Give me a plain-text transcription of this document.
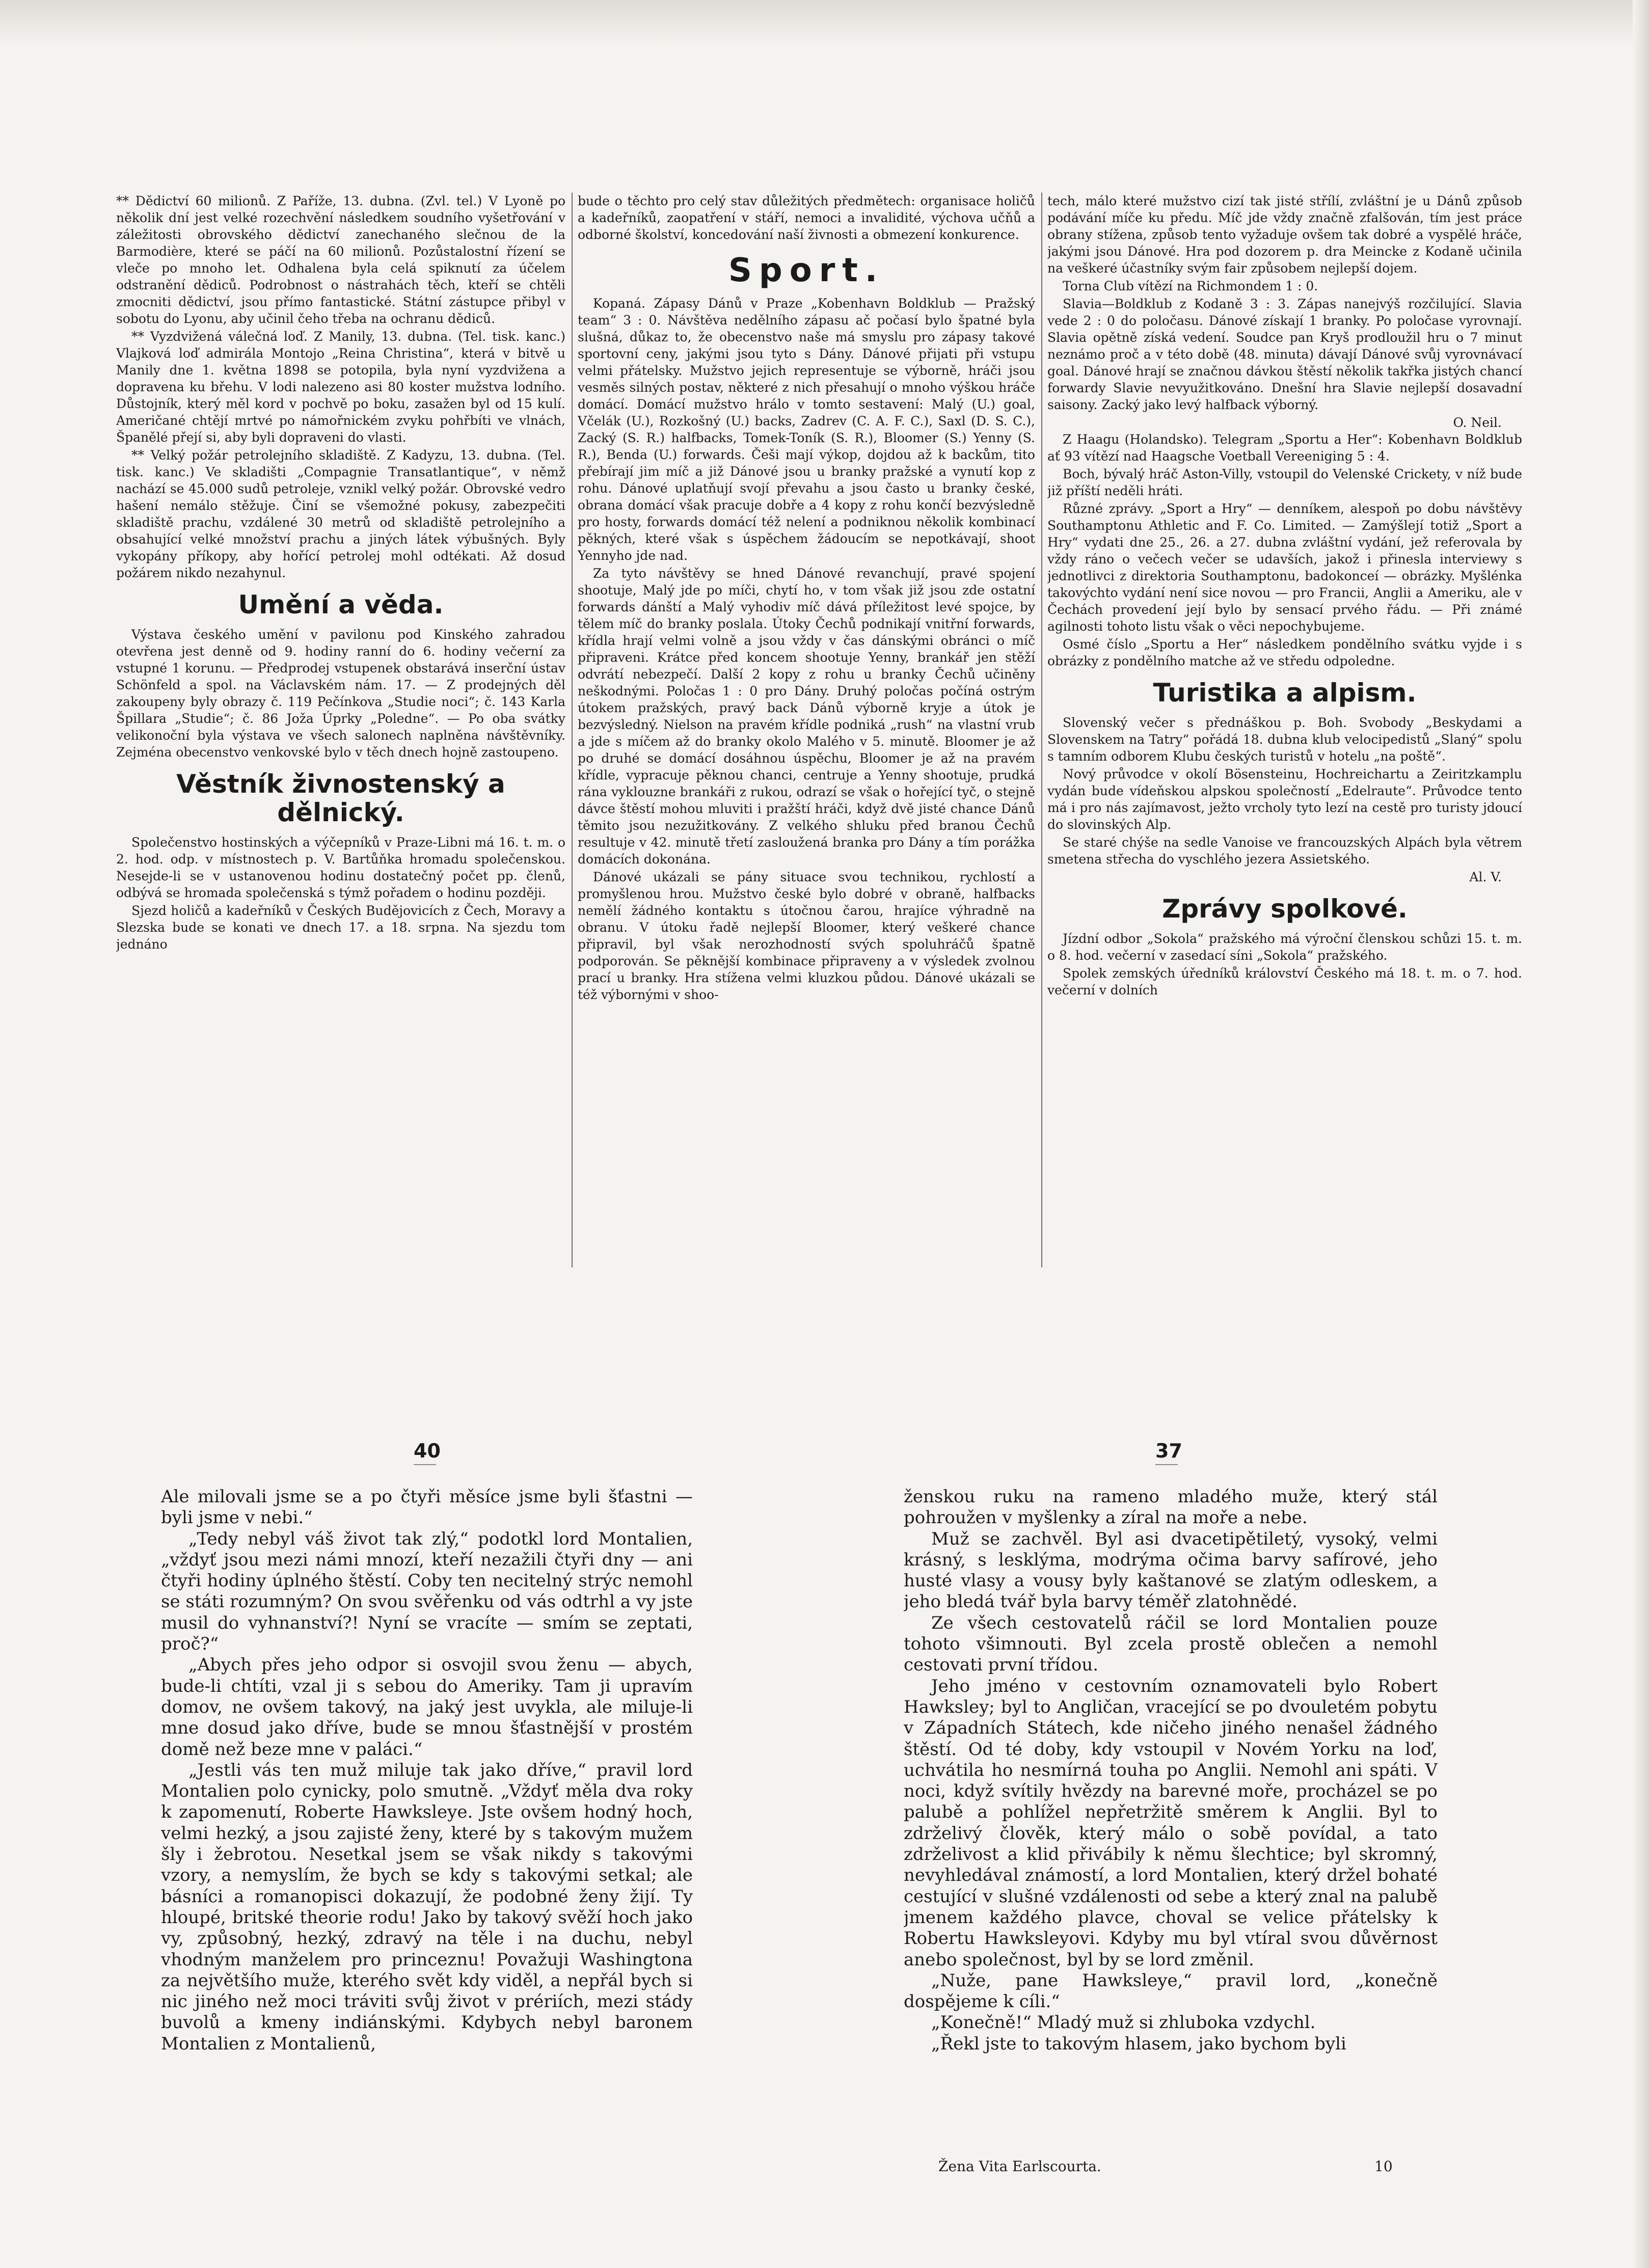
** Dědictví 60 milionů. Z Paříže, 13. dubna. (Zvl. tel.) V Lyoně po několik dní jest velké rozechvění následkem soudního vyšetřování v záležitosti obrovského dědictví zanechaného slečnou de la Barmodière, které se páčí na 60 milionů. Pozůstalostní řízení se vleče po mnoho let. Odhalena byla celá spiknutí za účelem odstranění dědiců. Podrobnost o nástrahách těch, kteří se chtěli zmocniti dědictví, jsou přímo fantastické. Státní zástupce přibyl v sobotu do Lyonu, aby učinil čeho třeba na ochranu dědiců.

** Vyzdvižená válečná loď. Z Manily, 13. dubna. (Tel. tisk. kanc.) Vlajková loď admirála Montojo „Reina Christina“, která v bitvě u Manily dne 1. května 1898 se potopila, byla nyní vyzdvižena a dopravena ku břehu. V lodi nalezeno asi 80 koster mužstva lodního. Důstojník, který měl kord v pochvě po boku, zasažen byl od 15 kulí. Američané chtějí mrtvé po námořnickém zvyku pohřbíti ve vlnách, Španělé přejí si, aby byli dopraveni do vlasti.

** Velký požár petrolejního skladiště. Z Kadyzu, 13. dubna. (Tel. tisk. kanc.) Ve skladišti „Compagnie Transatlantique“, v němž nachází se 45.000 sudů petroleje, vznikl velký požár. Obrovské vedro hašení nemálo stěžuje. Činí se všemožné pokusy, zabezpečiti skladiště prachu, vzdálené 30 metrů od skladiště petrolejního a obsahující velké množství prachu a jiných látek výbušných. Byly vykopány příkopy, aby hořící petrolej mohl odtékati. Až dosud požárem nikdo nezahynul.

Umění a věda.

Výstava českého umění v pavilonu pod Kinského zahradou otevřena jest denně od 9. hodiny ranní do 6. hodiny večerní za vstupné 1 korunu. — Předprodej vstupenek obstarává inserční ústav Schönfeld a spol. na Václavském nám. 17. — Z prodejných děl zakoupeny byly obrazy č. 119 Pečínkova „Studie noci“; č. 143 Karla Špillara „Studie“; č. 86 Joža Úprky „Poledne“. — Po oba svátky velikonoční byla výstava ve všech salonech naplněna návštěvníky. Zejména obecenstvo venkovské bylo v těch dnech hojně zastoupeno.

Věstník živnostenský a dělnický.

Společenstvo hostinských a výčepníků v Praze-Libni má 16. t. m. o 2. hod. odp. v místnostech p. V. Bartůňka hromadu společenskou. Nesejde-li se v ustanovenou hodinu dostatečný počet pp. členů, odbývá se hromada společenská s týmž pořadem o hodinu později.

Sjezd holičů a kadeřníků v Českých Budějovicích z Čech, Moravy a Slezska bude se konati ve dnech 17. a 18. srpna. Na sjezdu tom jednáno

bude o těchto pro celý stav důležitých předmětech: organisace holičů a kadeřníků, zaopatření v stáří, nemoci a invalidité, výchova učňů a odborné školství, koncedování naší živnosti a obmezení konkurence.

Sport.

Kopaná. Zápasy Dánů v Praze „Kobenhavn Boldklub — Pražský team“ 3 : 0. Návštěva nedělního zápasu ač počasí bylo špatné byla slušná, důkaz to, že obecenstvo naše má smyslu pro zápasy takové sportovní ceny, jakými jsou tyto s Dány. Dánové přijati při vstupu velmi přátelsky. Mužstvo jejich representuje se výborně, hráči jsou vesměs silných postav, některé z nich přesahují o mnoho výškou hráče domácí. Domácí mužstvo hrálo v tomto sestavení: Malý (U.) goal, Včelák (U.), Rozkošný (U.) backs, Zadrev (C. A. F. C.), Saxl (D. S. C.), Zacký (S. R.) halfbacks, Tomek-Toník (S. R.), Bloomer (S.) Yenny (S. R.), Benda (U.) forwards. Češi mají výkop, dojdou až k backům, tito přebírají jim míč a již Dánové jsou u branky pražské a vynutí kop z rohu. Dánové uplatňují svojí převahu a jsou často u branky české, obrana domácí však pracuje dobře a 4 kopy z rohu končí bezvýsledně pro hosty, forwards domácí též nelení a podniknou několik kombinací pěkných, které však s úspěchem žádoucím se nepotkávají, shoot Yennyho jde nad.

Za tyto návštěvy se hned Dánové revanchují, pravé spojení shootuje, Malý jde po míči, chytí ho, v tom však již jsou zde ostatní forwards dánští a Malý vyhodiv míč dává příležitost levé spojce, by tělem míč do branky poslala. Útoky Čechů podnikají vnitřní forwards, křídla hrají velmi volně a jsou vždy v čas dánskými obránci o míč připraveni. Krátce před koncem shootuje Yenny, brankář jen stěží odvrátí nebezpečí. Další 2 kopy z rohu u branky Čechů učiněny neškodnými. Poločas 1 : 0 pro Dány. Druhý poločas počíná ostrým útokem pražských, pravý back Dánů výborně kryje a útok je bezvýsledný. Nielson na pravém křídle podniká „rush“ na vlastní vrub a jde s míčem až do branky okolo Malého v 5. minutě. Bloomer je až po druhé se domácí dosáhnou úspěchu, Bloomer je až na pravém křídle, vypracuje pěknou chanci, centruje a Yenny shootuje, prudká rána vyklouzne brankáři z rukou, odrazí se však o hořející tyč, o stejně dávce štěstí mohou mluviti i pražští hráči, když dvě jisté chance Dánů těmito jsou nezužitkovány. Z velkého shluku před branou Čechů resultuje v 42. minutě třetí zasloužená branka pro Dány a tím porážka domácích dokonána.

Dánové ukázali se pány situace svou technikou, rychlostí a promyšlenou hrou. Mužstvo české bylo dobré v obraně, halfbacks nemělí žádného kontaktu s útočnou čarou, hrajíce výhradně na obranu. V útoku řadě nejlepší Bloomer, který veškeré chance připravil, byl však nerozhodností svých spoluhráčů špatně podporován. Se pěknější kombinace připraveny a v výsledek zvolnou prací u branky. Hra stížena velmi kluzkou půdou. Dánové ukázali se též výbornými v shoo-

tech, málo které mužstvo cizí tak jisté střílí, zvláštní je u Dánů způsob podávání míče ku předu. Míč jde vždy značně zfalšován, tím jest práce obrany stížena, způsob tento vyžaduje ovšem tak dobré a vyspělé hráče, jakými jsou Dánové. Hra pod dozorem p. dra Meincke z Kodaně učinila na veškeré účastníky svým fair způsobem nejlepší dojem.

Torna Club vítězí na Richmondem 1 : 0.

Slavia—Boldklub z Kodaně 3 : 3. Zápas nanejvýš rozčilující. Slavia vede 2 : 0 do poločasu. Dánové získají 1 branky. Po poločase vyrovnají. Slavia opětně získá vedení. Soudce pan Kryš prodloužil hru o 7 minut neznámo proč a v této době (48. minuta) dávají Dánové svůj vyrovnávací goal. Dánové hrají se značnou dávkou štěstí několik takřka jistých chancí forwardy Slavie nevyužitkováno. Dnešní hra Slavie nejlepší dosavadní saisony. Zacký jako levý halfback výborný.

O. Neil.

Z Haagu (Holandsko). Telegram „Sportu a Her“: Kobenhavn Boldklub ať 93 vítězí nad Haagsche Voetball Vereeniging 5 : 4.

Boch, bývalý hráč Aston-Villy, vstoupil do Velenské Crickety, v níž bude již příští neděli hráti.

Různé zprávy. „Sport a Hry“ — denníkem, alespoň po dobu návštěvy Southamptonu Athletic and F. Co. Limited. — Zamýšlejí totiž „Sport a Hry“ vydati dne 25., 26. a 27. dubna zvláštní vydání, jež referovala by vždy ráno o večech večer se udavších, jakož i přinesla interviewy s jednotlivci z direktoria Southamptonu, badokonceí — obrázky. Myšlénka takovýchto vydání není sice novou — pro Francii, Anglii a Ameriku, ale v Čechách provedení její bylo by sensací prvého řádu. — Při známé agilnosti tohoto listu však o věci nepochybujeme.

Osmé číslo „Sportu a Her“ následkem pondělního svátku vyjde i s obrázky z pondělního matche až ve středu odpoledne.

Turistika a alpism.

Slovenský večer s přednáškou p. Boh. Svobody „Beskydami a Slovenskem na Tatry“ pořádá 18. dubna klub velocipedistů „Slaný“ spolu s tamním odborem Klubu českých turistů v hotelu „na poště“.

Nový průvodce v okolí Bösensteinu, Hochreichartu a Zeiritzkamplu vydán bude vídeňskou alpskou společností „Edelraute“. Průvodce tento má i pro nás zajímavost, ježto vrcholy tyto lezí na cestě pro turisty jdoucí do slovinských Alp.

Se staré chýše na sedle Vanoise ve francouzských Alpách byla větrem smetena střecha do vyschlého jezera Assietského.

Al. V.
Zprávy spolkové.

Jízdní odbor „Sokola“ pražského má výroční členskou schůzi 15. t. m. o 8. hod. večerní v zasedací síni „Sokola“ pražského.

Spolek zemských úředníků království Českého má 18. t. m. o 7. hod. večerní v dolních

40	37

Ale milovali jsme se a po čtyři měsíce jsme byli šťastni — byli jsme v nebi.“

„Tedy nebyl váš život tak zlý,“ podotkl lord Montalien, „vždyť jsou mezi námi mnozí, kteří nezažili čtyři dny — ani čtyři hodiny úplného štěstí. Coby ten necitelný strýc nemohl se státi rozumným? On svou svěřenku od vás odtrhl a vy jste musil do vyhnanství?! Nyní se vracíte — smím se zeptati, proč?“

„Abych přes jeho odpor si osvojil svou ženu — abych, bude-li chtíti, vzal ji s sebou do Ameriky. Tam ji upravím domov, ne ovšem takový, na jaký jest uvykla, ale miluje-li mne dosud jako dříve, bude se mnou šťastnější v prostém domě než beze mne v paláci.“

„Jestli vás ten muž miluje tak jako dříve,“ pravil lord Montalien polo cynicky, polo smutně. „Vždyť měla dva roky k zapomenutí, Roberte Hawksleye. Jste ovšem hodný hoch, velmi hezký, a jsou zajisté ženy, které by s takovým mužem šly i žebrotou. Nesetkal jsem se však nikdy s takovými vzory, a nemyslím, že bych se kdy s takovými setkal; ale básníci a romanopisci dokazují, že podobné ženy žijí. Ty hloupé, britské theorie rodu! Jako by takový svěží hoch jako vy, způsobný, hezký, zdravý na těle i na duchu, nebyl vhodným manželem pro princeznu! Považuji Washingtona za největšího muže, kterého svět kdy viděl, a nepřál bych si nic jiného než moci tráviti svůj život v prériích, mezi stády buvolů a kmeny indiánskými. Kdybych nebyl baronem Montalien z Montalienů,

ženskou ruku na rameno mladého muže, který stál pohroužen v myšlenky a zíral na moře a nebe.

Muž se zachvěl. Byl asi dvacetipětiletý, vysoký, velmi krásný, s lesklýma, modrýma očima barvy safírové, jeho husté vlasy a vousy byly kaštanové se zlatým odleskem, a jeho bledá tvář byla barvy téměř zlatohnědé.

Ze všech cestovatelů ráčil se lord Montalien pouze tohoto všimnouti. Byl zcela prostě oblečen a nemohl cestovati první třídou.

Jeho jméno v cestovním oznamovateli bylo Robert Hawksley; byl to Angličan, vracející se po dvouletém pobytu v Západních Státech, kde ničeho jiného nenašel žádného štěstí. Od té doby, kdy vstoupil v Novém Yorku na loď, uchvátila ho nesmírná touha po Anglii. Nemohl ani spáti. V noci, když svítily hvězdy na barevné moře, procházel se po palubě a pohlížel nepřetržitě směrem k Anglii. Byl to zdrželivý člověk, který málo o sobě povídal, a tato zdrželivost a klid přivábily k němu šlechtice; byl skromný, nevyhledával známostí, a lord Montalien, který držel bohaté cestující v slušné vzdálenosti od sebe a který znal na palubě jmenem každého plavce, choval se velice přátelsky k Robertu Hawksleyovi. Kdyby mu byl vtíral svou důvěrnost anebo společnost, byl by se lord změnil.

„Nuže, pane Hawksleye,“ pravil lord, „konečně dospějeme k cíli.“

„Konečně!“ Mladý muž si zhluboka vzdychl.

„Řekl jste to takovým hlasem, jako bychom byli

Žena Vita Earlscourta.	10
